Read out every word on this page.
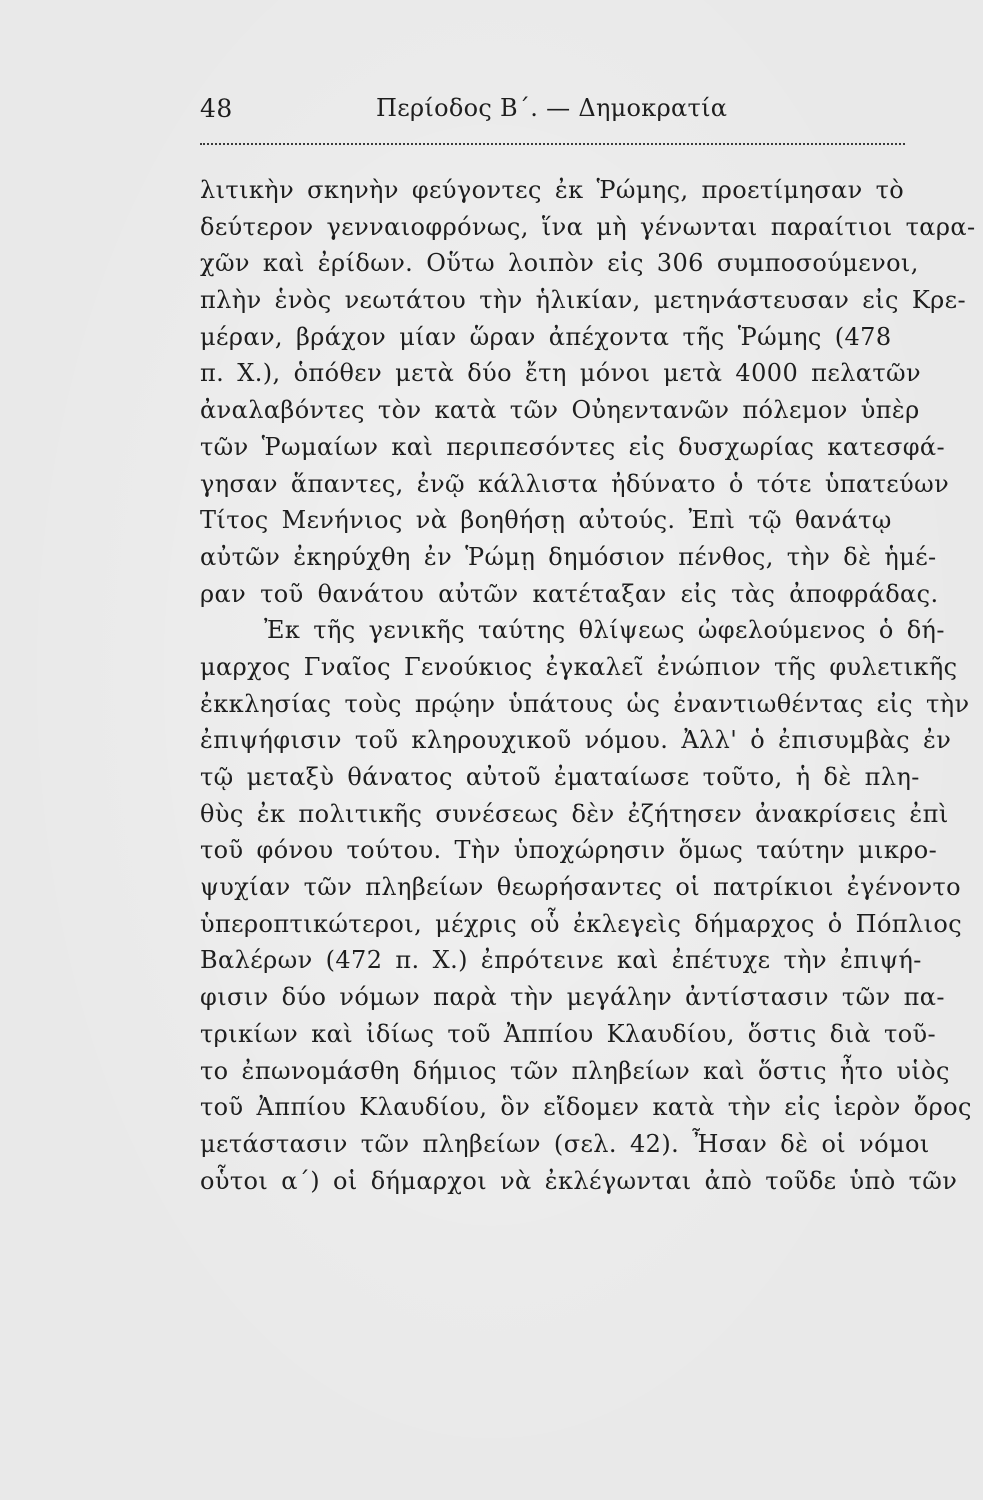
48	Περίοδος Β΄. — Δημοκρατία
λιτικὴν σκηνὴν φεύγοντες ἐκ Ῥώμης, προετίμησαν τὸ
δεύτερον γενναιοφρόνως, ἵνα μὴ γένωνται παραίτιοι ταρα-
χῶν καὶ ἐρίδων. Οὕτω λοιπὸν εἰς 306 συμποσούμενοι,
πλὴν ἑνὸς νεωτάτου τὴν ἡλικίαν, μετηνάστευσαν εἰς Κρε-
μέραν, βράχον μίαν ὥραν ἀπέχοντα τῆς Ῥώμης (478
π. Χ.), ὁπόθεν μετὰ δύο ἔτη μόνοι μετὰ 4000 πελατῶν
ἀναλαβόντες τὸν κατὰ τῶν Οὐηεντανῶν πόλεμον ὑπὲρ
τῶν Ῥωμαίων καὶ περιπεσόντες εἰς δυσχωρίας κατεσφά-
γησαν ἅπαντες, ἐνῷ κάλλιστα ἠδύνατο ὁ τότε ὑπατεύων
Τίτος Μενήνιος νὰ βοηθήσῃ αὐτούς. Ἐπὶ τῷ θανάτῳ
αὐτῶν ἐκηρύχθη ἐν Ῥώμῃ δημόσιον πένθος, τὴν δὲ ἡμέ-
ραν τοῦ θανάτου αὐτῶν κατέταξαν εἰς τὰς ἀποφράδας.
Ἐκ τῆς γενικῆς ταύτης θλίψεως ὠφελούμενος ὁ δή-
μαρχος Γναῖος Γενούκιος ἐγκαλεῖ ἐνώπιον τῆς φυλετικῆς
ἐκκλησίας τοὺς πρῴην ὑπάτους ὡς ἐναντιωθέντας εἰς τὴν
ἐπιψήφισιν τοῦ κληρουχικοῦ νόμου. Ἀλλ' ὁ ἐπισυμβὰς ἐν
τῷ μεταξὺ θάνατος αὐτοῦ ἐματαίωσε τοῦτο, ἡ δὲ πλη-
θὺς ἐκ πολιτικῆς συνέσεως δὲν ἐζήτησεν ἀνακρίσεις ἐπὶ
τοῦ φόνου τούτου. Τὴν ὑποχώρησιν ὅμως ταύτην μικρο-
ψυχίαν τῶν πληβείων θεωρήσαντες οἱ πατρίκιοι ἐγένοντο
ὑπεροπτικώτεροι, μέχρις οὗ ἐκλεγεὶς δήμαρχος ὁ Πόπλιος
Βαλέρων (472 π. Χ.) ἐπρότεινε καὶ ἐπέτυχε τὴν ἐπιψή-
φισιν δύο νόμων παρὰ τὴν μεγάλην ἀντίστασιν τῶν πα-
τρικίων καὶ ἰδίως τοῦ Ἀππίου Κλαυδίου, ὅστις διὰ τοῦ-
το ἐπωνομάσθη δήμιος τῶν πληβείων καὶ ὅστις ἦτο υἱὸς
τοῦ Ἀππίου Κλαυδίου, ὃν εἴδομεν κατὰ τὴν εἰς ἱερὸν ὄρος
μετάστασιν τῶν πληβείων (σελ. 42). Ἦσαν δὲ οἱ νόμοι
οὗτοι α΄) οἱ δήμαρχοι νὰ ἐκλέγωνται ἀπὸ τοῦδε ὑπὸ τῶν
